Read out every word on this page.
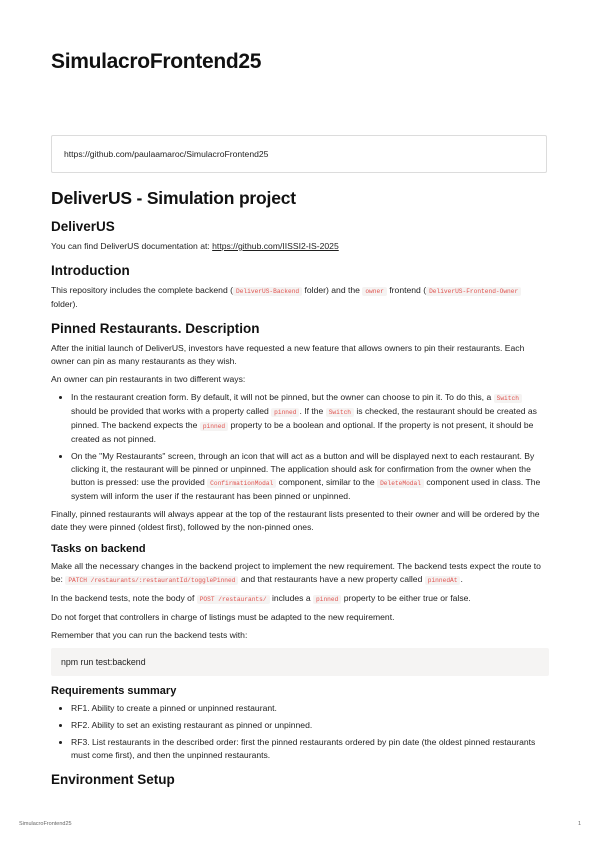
SimulacroFrontend25
https://github.com/paulaamaroc/SimulacroFrontend25
DeliverUS - Simulation project
DeliverUS

You can find DeliverUS documentation at: https://github.com/IISSI2-IS-2025

Introduction

This repository includes the complete backend ( DeliverUS-Backend folder) and the owner frontend ( DeliverUS-Frontend-Owner folder).

Pinned Restaurants. Description

After the initial launch of DeliverUS, investors have requested a new feature that allows owners to pin their restaurants. Each owner can pin as many restaurants as they wish.

An owner can pin restaurants in two different ways:

• In the restaurant creation form. By default, it will not be pinned, but the owner can choose to pin it. To do this, a Switch should be provided that works with a property called pinned . If the Switch is checked, the restaurant should be created as pinned. The backend expects the pinned property to be a boolean and optional. If the property is not present, it should be created as not pinned.
• On the "My Restaurants" screen, through an icon that will act as a button and will be displayed next to each restaurant. By clicking it, the restaurant will be pinned or unpinned. The application should ask for confirmation from the owner when the button is pressed: use the provided ConfirmationModal component, similar to the DeleteModal component used in class. The system will inform the user if the restaurant has been pinned or unpinned.

Finally, pinned restaurants will always appear at the top of the restaurant lists presented to their owner and will be ordered by the date they were pinned (oldest first), followed by the non-pinned ones.

Tasks on backend

Make all the necessary changes in the backend project to implement the new requirement. The backend tests expect the route to be: PATCH /restaurants/:restaurantId/togglePinned and that restaurants have a new property called pinnedAt .

In the backend tests, note the body of POST /restaurants/ includes a pinned property to be either true or false.

Do not forget that controllers in charge of listings must be adapted to the new requirement.

Remember that you can run the backend tests with:

npm run test:backend
Requirements summary
• RF1. Ability to create a pinned or unpinned restaurant.
• RF2. Ability to set an existing restaurant as pinned or unpinned.
• RF3. List restaurants in the described order: first the pinned restaurants ordered by pin date (the oldest pinned restaurants must come first), and then the unpinned restaurants.
Environment Setup
SimulacroFrontend25	1
